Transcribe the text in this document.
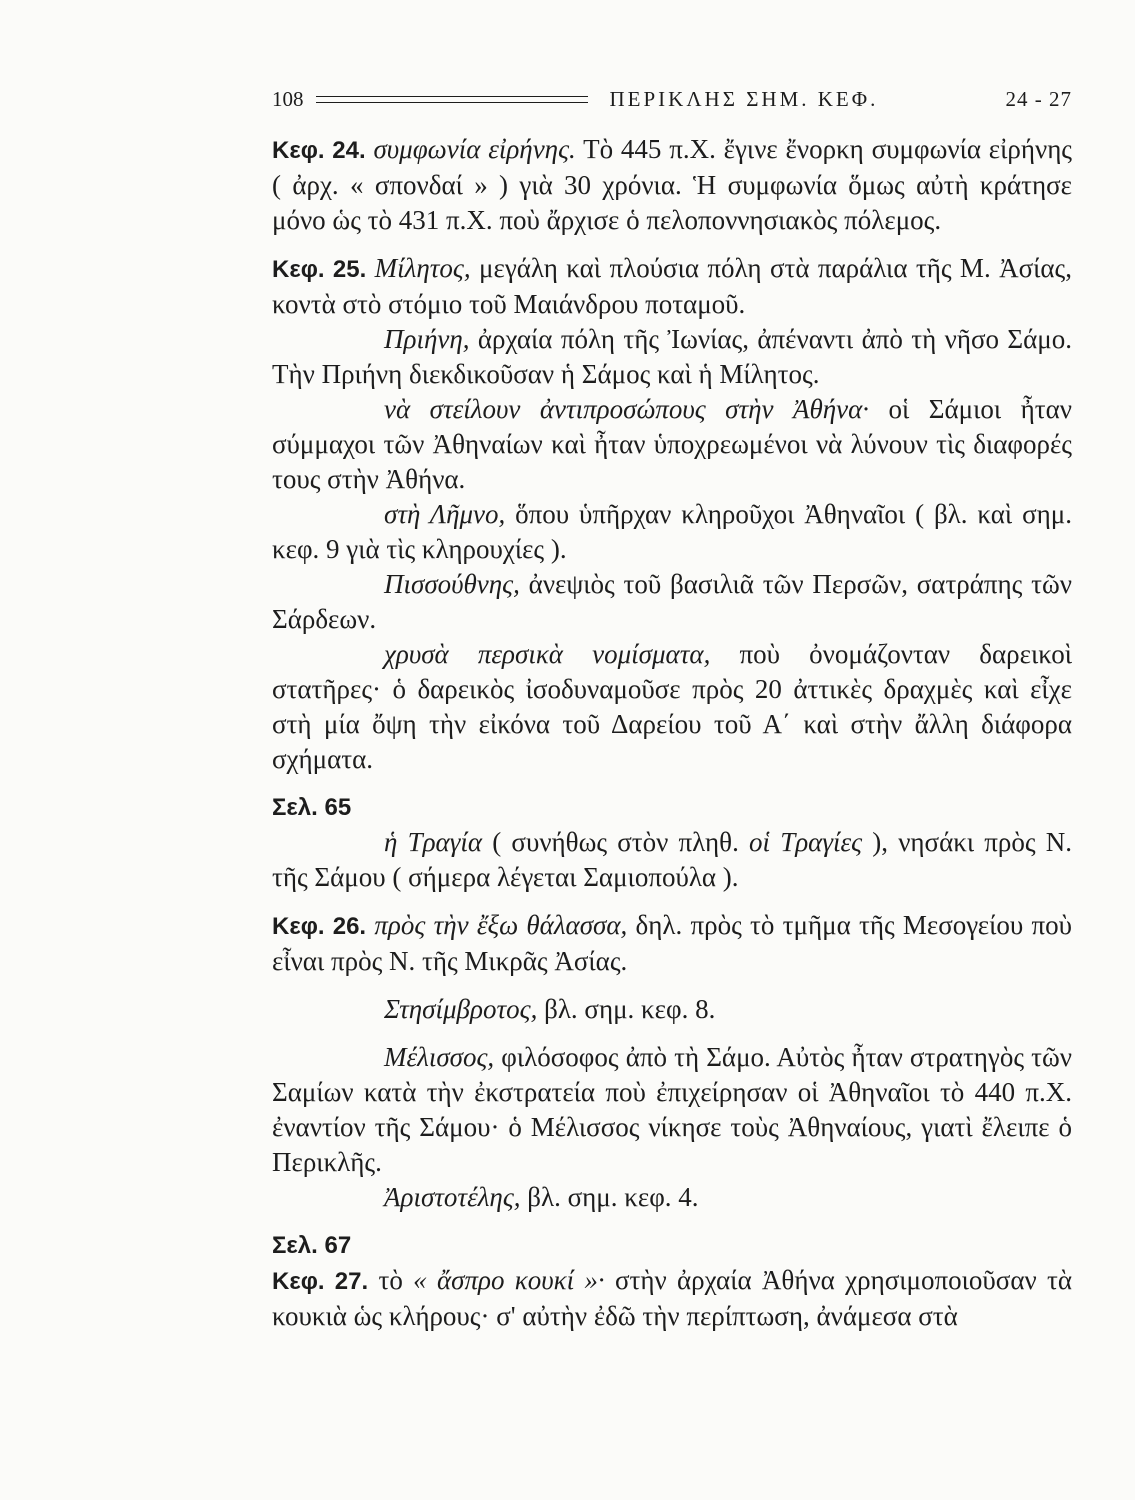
108	ΠΕΡΙΚΛΗΣ ΣΗΜ. ΚΕΦ.	24 - 27

Κεφ. 24. συμφωνία εἰρήνης. Τὸ 445 π.Χ. ἔγινε ἔνορκη συμφωνία εἰρήνης ( ἀρχ. « σπονδαί » ) γιὰ 30 χρόνια. Ἡ συμφωνία ὅμως αὐτὴ κράτησε μόνο ὡς τὸ 431 π.Χ. ποὺ ἄρχισε ὁ πελοποννησιακὸς πόλεμος.

Κεφ. 25. Μίλητος, μεγάλη καὶ πλούσια πόλη στὰ παράλια τῆς Μ. Ἀσίας, κοντὰ στὸ στόμιο τοῦ Μαιάνδρου ποταμοῦ.

Πριήνη, ἀρχαία πόλη τῆς Ἰωνίας, ἀπέναντι ἀπὸ τὴ νῆσο Σάμο. Τὴν Πριήνη διεκδικοῦσαν ἡ Σάμος καὶ ἡ Μίλητος.

νὰ στείλουν ἀντιπροσώπους στὴν Ἀθήνα· οἱ Σάμιοι ἦταν σύμμαχοι τῶν Ἀθηναίων καὶ ἦταν ὑποχρεωμένοι νὰ λύνουν τὶς διαφορές τους στὴν Ἀθήνα.

στὴ Λῆμνο, ὅπου ὑπῆρχαν κληροῦχοι Ἀθηναῖοι ( βλ. καὶ σημ. κεφ. 9 γιὰ τὶς κληρουχίες ).

Πισσούθνης, ἀνεψιὸς τοῦ βασιλιᾶ τῶν Περσῶν, σατράπης τῶν Σάρδεων.

χρυσὰ περσικὰ νομίσματα, ποὺ ὀνομάζονταν δαρεικοὶ στατῆρες· ὁ δαρεικὸς ἰσοδυναμοῦσε πρὸς 20 ἀττικὲς δραχμὲς καὶ εἶχε στὴ μία ὄψη τὴν εἰκόνα τοῦ Δαρείου τοῦ Α΄ καὶ στὴν ἄλλη διάφορα σχήματα.

Σελ. 65

ἡ Τραγία ( συνήθως στὸν πληθ. οἱ Τραγίες ), νησάκι πρὸς Ν. τῆς Σάμου ( σήμερα λέγεται Σαμιοπούλα ).

Κεφ. 26. πρὸς τὴν ἔξω θάλασσα, δηλ. πρὸς τὸ τμῆμα τῆς Μεσογείου ποὺ εἶναι πρὸς Ν. τῆς Μικρᾶς Ἀσίας.

Στησίμβροτος, βλ. σημ. κεφ. 8.

Μέλισσος, φιλόσοφος ἀπὸ τὴ Σάμο. Αὐτὸς ἦταν στρατηγὸς τῶν Σαμίων κατὰ τὴν ἐκστρατεία ποὺ ἐπιχείρησαν οἱ Ἀθηναῖοι τὸ 440 π.Χ. ἐναντίον τῆς Σάμου· ὁ Μέλισσος νίκησε τοὺς Ἀθηναίους, γιατὶ ἔλειπε ὁ Περικλῆς.

Ἀριστοτέλης, βλ. σημ. κεφ. 4.

Σελ. 67

Κεφ. 27. τὸ « ἄσπρο κουκί »· στὴν ἀρχαία Ἀθήνα χρησιμοποιοῦσαν τὰ κουκιὰ ὡς κλήρους· σ' αὐτὴν ἐδῶ τὴν περίπτωση, ἀνάμεσα στὰ
